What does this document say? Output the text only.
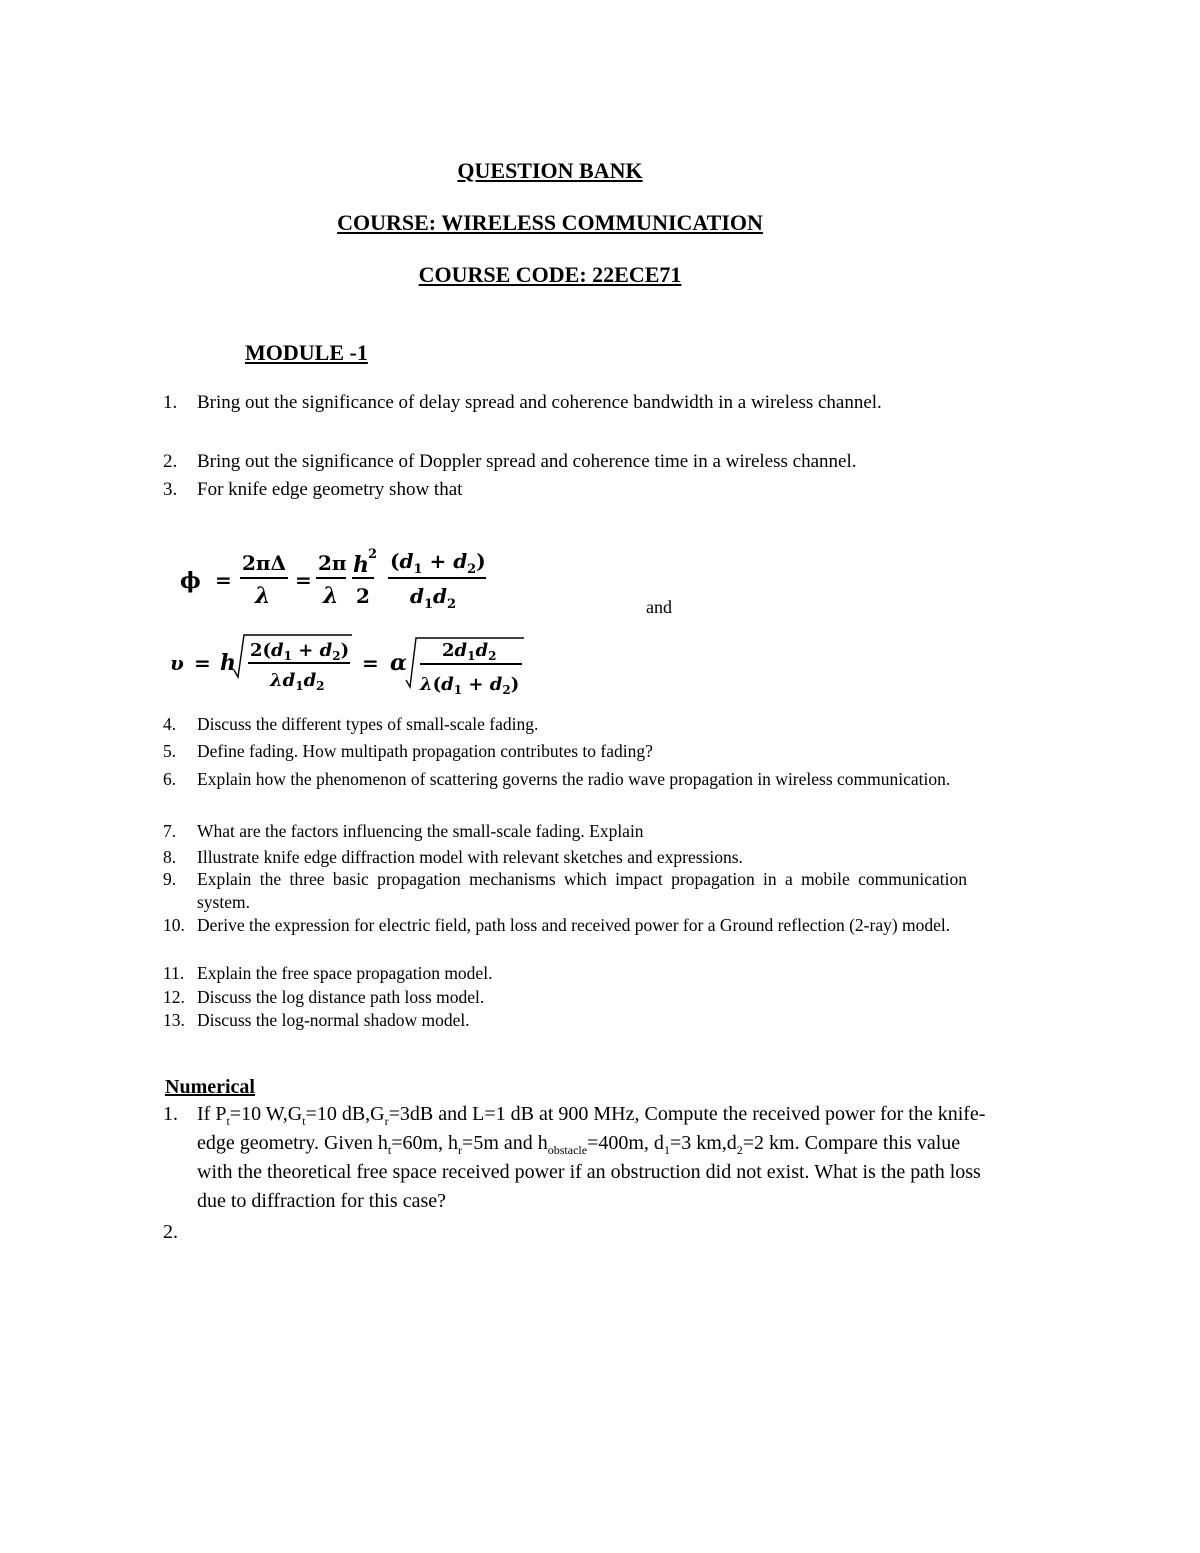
QUESTION BANK
COURSE: WIRELESS COMMUNICATION
COURSE CODE: 22ECE71
MODULE -1
1.	Bring out the significance of delay spread and coherence bandwidth in a wireless channel.
2.	Bring out the significance of Doppler spread and coherence time in a wireless channel.
3.	For knife edge geometry show that
ϕ =
2πΔ
λ
=
2π
λ
h 2
2
$(d_1 + d_2)$
$d_1d_2$
υ = h $2(d_1 + d_2)$
$\lambda d_1d_2$
= α $2d_1d_2$
$\lambda(d_1 + d_2)$
and
4.	Discuss the different types of small-scale fading.
5.	Define fading. How multipath propagation contributes to fading?
6.	Explain how the phenomenon of scattering governs the radio wave propagation in wireless communication.
7.	What are the factors influencing the small-scale fading. Explain
8.	Illustrate knife edge diffraction model with relevant sketches and expressions.
9.	Explain the three basic propagation mechanisms which impact propagation in a mobile communication system.
10. Derive the expression for electric field, path loss and received power for a Ground reflection (2-ray) model.
11. Explain the free space propagation model.
12. Discuss the log distance path loss model.
13. Discuss the log-normal shadow model.
Numerical
1. If $P_t=10$ $W,G_t=10$ $dB,G_r=3dB$ and L=1 dB at 900 MHz, Compute the received power for the knife-edge geometry. Given $h_t=60m$, $h_r=5m$ and $h_{obstacle}=400m$, $d_1=3$ $km,d_2=2$ km. Compare this value with the theoretical free space received power if an obstruction did not exist. What is the path loss due to diffraction for this case?
2.
